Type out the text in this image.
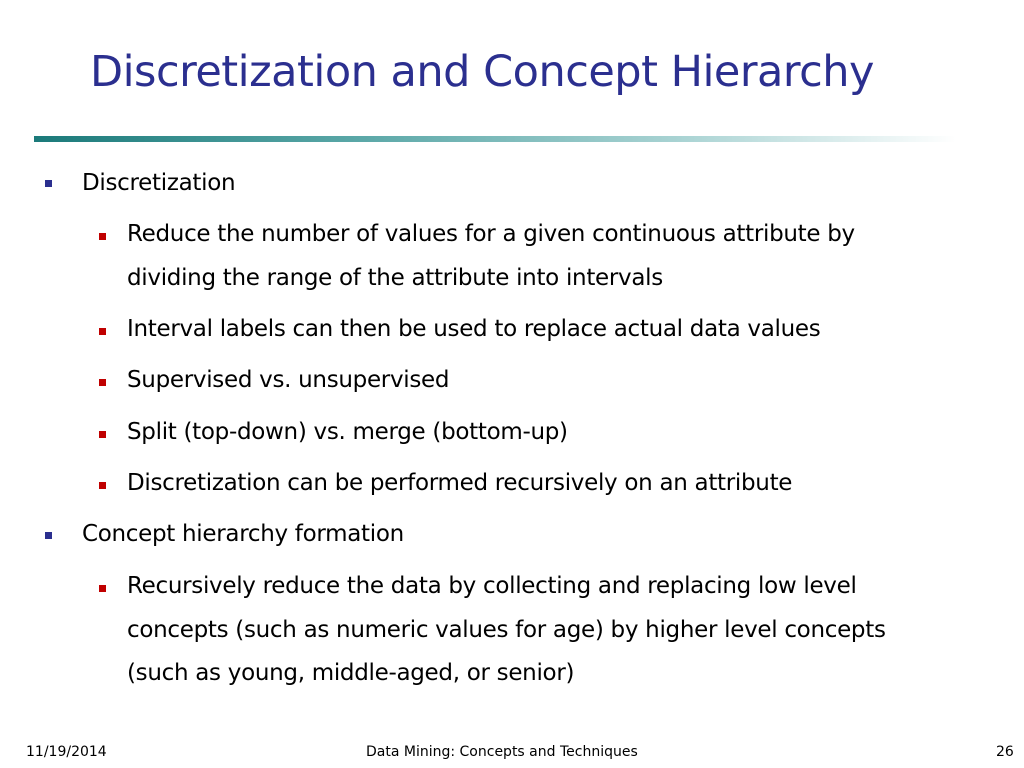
Discretization and Concept Hierarchy
Discretization
Reduce the number of values for a given continuous attribute by
dividing the range of the attribute into intervals
Interval labels can then be used to replace actual data values
Supervised vs. unsupervised
Split (top-down) vs. merge (bottom-up)
Discretization can be performed recursively on an attribute
Concept hierarchy formation
Recursively reduce the data by collecting and replacing low level
concepts (such as numeric values for age) by higher level concepts
(such as young, middle-aged, or senior)
11/19/2014	Data Mining: Concepts and Techniques	26
